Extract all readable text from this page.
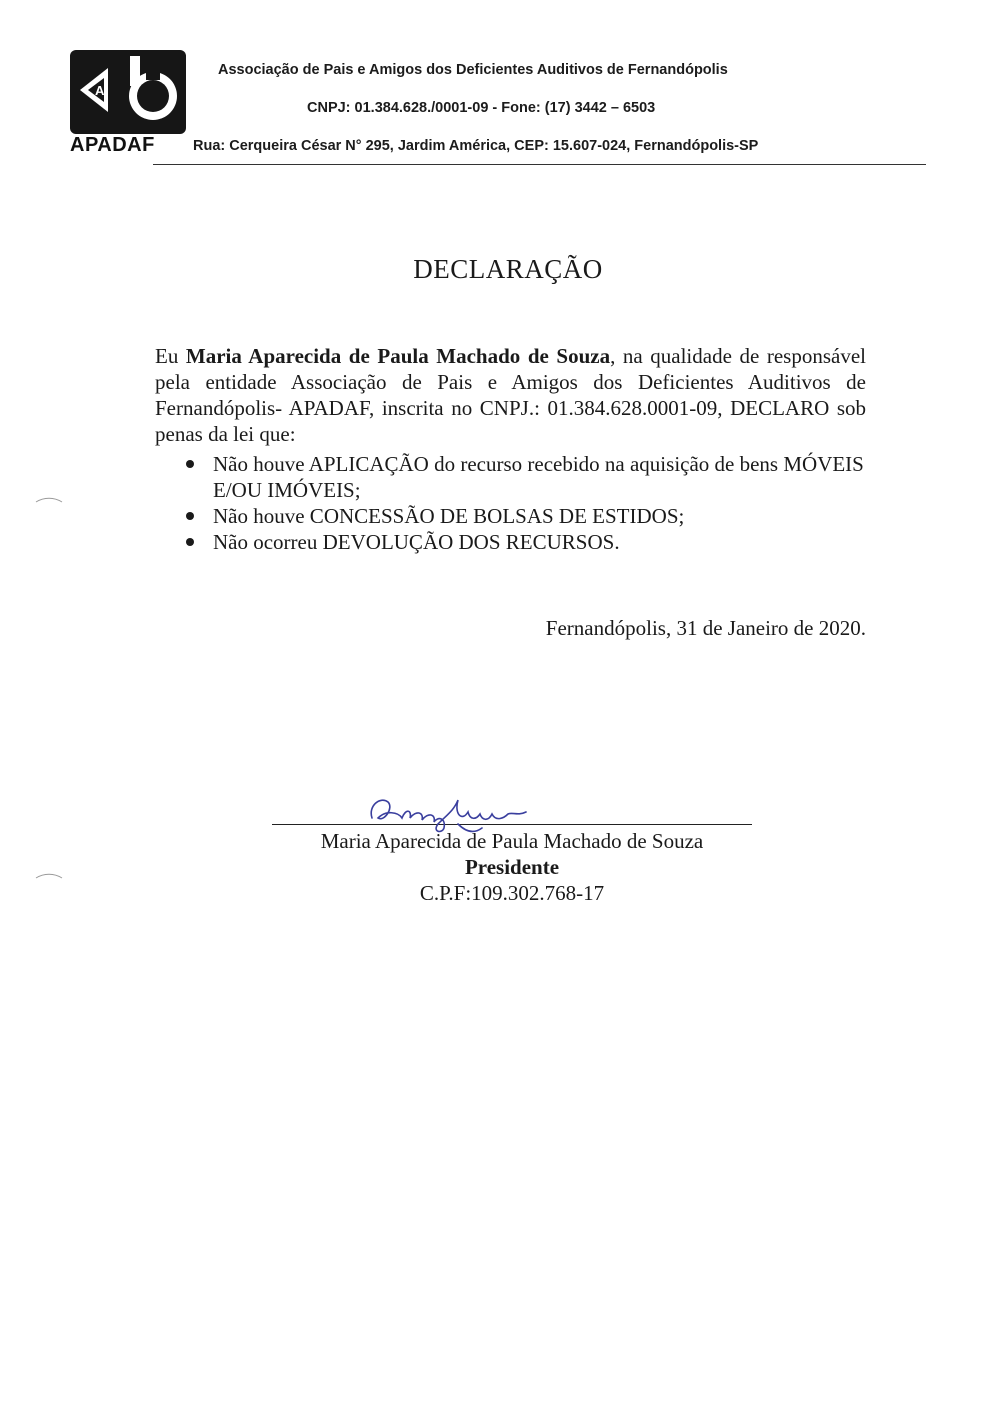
A
APADAF
Associação de Pais e Amigos dos Deficientes Auditivos de Fernandópolis
CNPJ: 01.384.628./0001-09 - Fone: (17) 3442 – 6503
Rua: Cerqueira César N° 295, Jardim América, CEP: 15.607-024, Fernandópolis-SP
DECLARAÇÃO
Eu Maria Aparecida de Paula Machado de Souza, na qualidade de responsável pela entidade Associação de Pais e Amigos dos Deficientes Auditivos de Fernandópolis- APADAF, inscrita no CNPJ.: 01.384.628.0001-09, DECLARO sob penas da lei que:
Não houve APLICAÇÃO do recurso recebido na aquisição de bens MÓVEIS E/OU IMÓVEIS;
Não houve CONCESSÃO DE BOLSAS DE ESTIDOS;
Não ocorreu DEVOLUÇÃO DOS RECURSOS.
Fernandópolis, 31 de Janeiro de 2020.
Maria Aparecida de Paula Machado de Souza
Presidente
C.P.F:109.302.768-17
